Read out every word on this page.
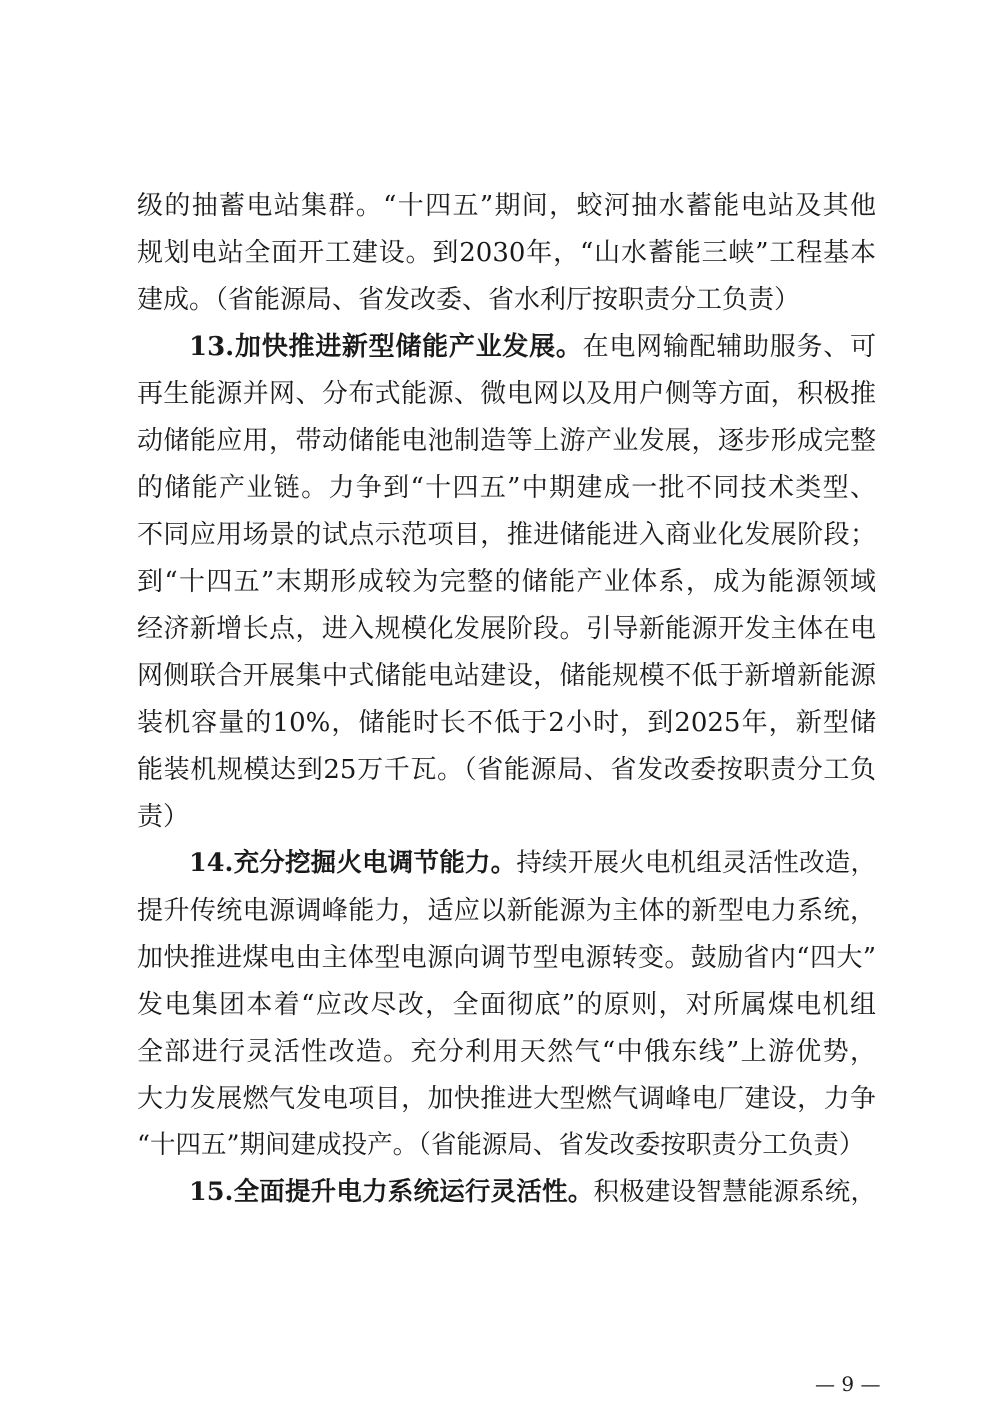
级的抽蓄电站集群。“十四五”期间，蛟河抽水蓄能电站及其他
规划电站全面开工建设。到2030年，“山水蓄能三峡”工程基本
建成。（省能源局、省发改委、省水利厅按职责分工负责）
13.加快推进新型储能产业发展。在电网输配辅助服务、可
再生能源并网、分布式能源、微电网以及用户侧等方面，积极推
动储能应用，带动储能电池制造等上游产业发展，逐步形成完整
的储能产业链。力争到“十四五”中期建成一批不同技术类型、
不同应用场景的试点示范项目，推进储能进入商业化发展阶段；
到“十四五”末期形成较为完整的储能产业体系，成为能源领域
经济新增长点，进入规模化发展阶段。引导新能源开发主体在电
网侧联合开展集中式储能电站建设，储能规模不低于新增新能源
装机容量的10%，储能时长不低于2小时，到2025年，新型储
能装机规模达到25万千瓦。（省能源局、省发改委按职责分工负
责）
14.充分挖掘火电调节能力。持续开展火电机组灵活性改造，
提升传统电源调峰能力，适应以新能源为主体的新型电力系统，
加快推进煤电由主体型电源向调节型电源转变。鼓励省内“四大”
发电集团本着“应改尽改，全面彻底”的原则，对所属煤电机组
全部进行灵活性改造。充分利用天然气“中俄东线”上游优势，
大力发展燃气发电项目，加快推进大型燃气调峰电厂建设，力争
“十四五”期间建成投产。（省能源局、省发改委按职责分工负责）
15.全面提升电力系统运行灵活性。积极建设智慧能源系统，
— 9 —
